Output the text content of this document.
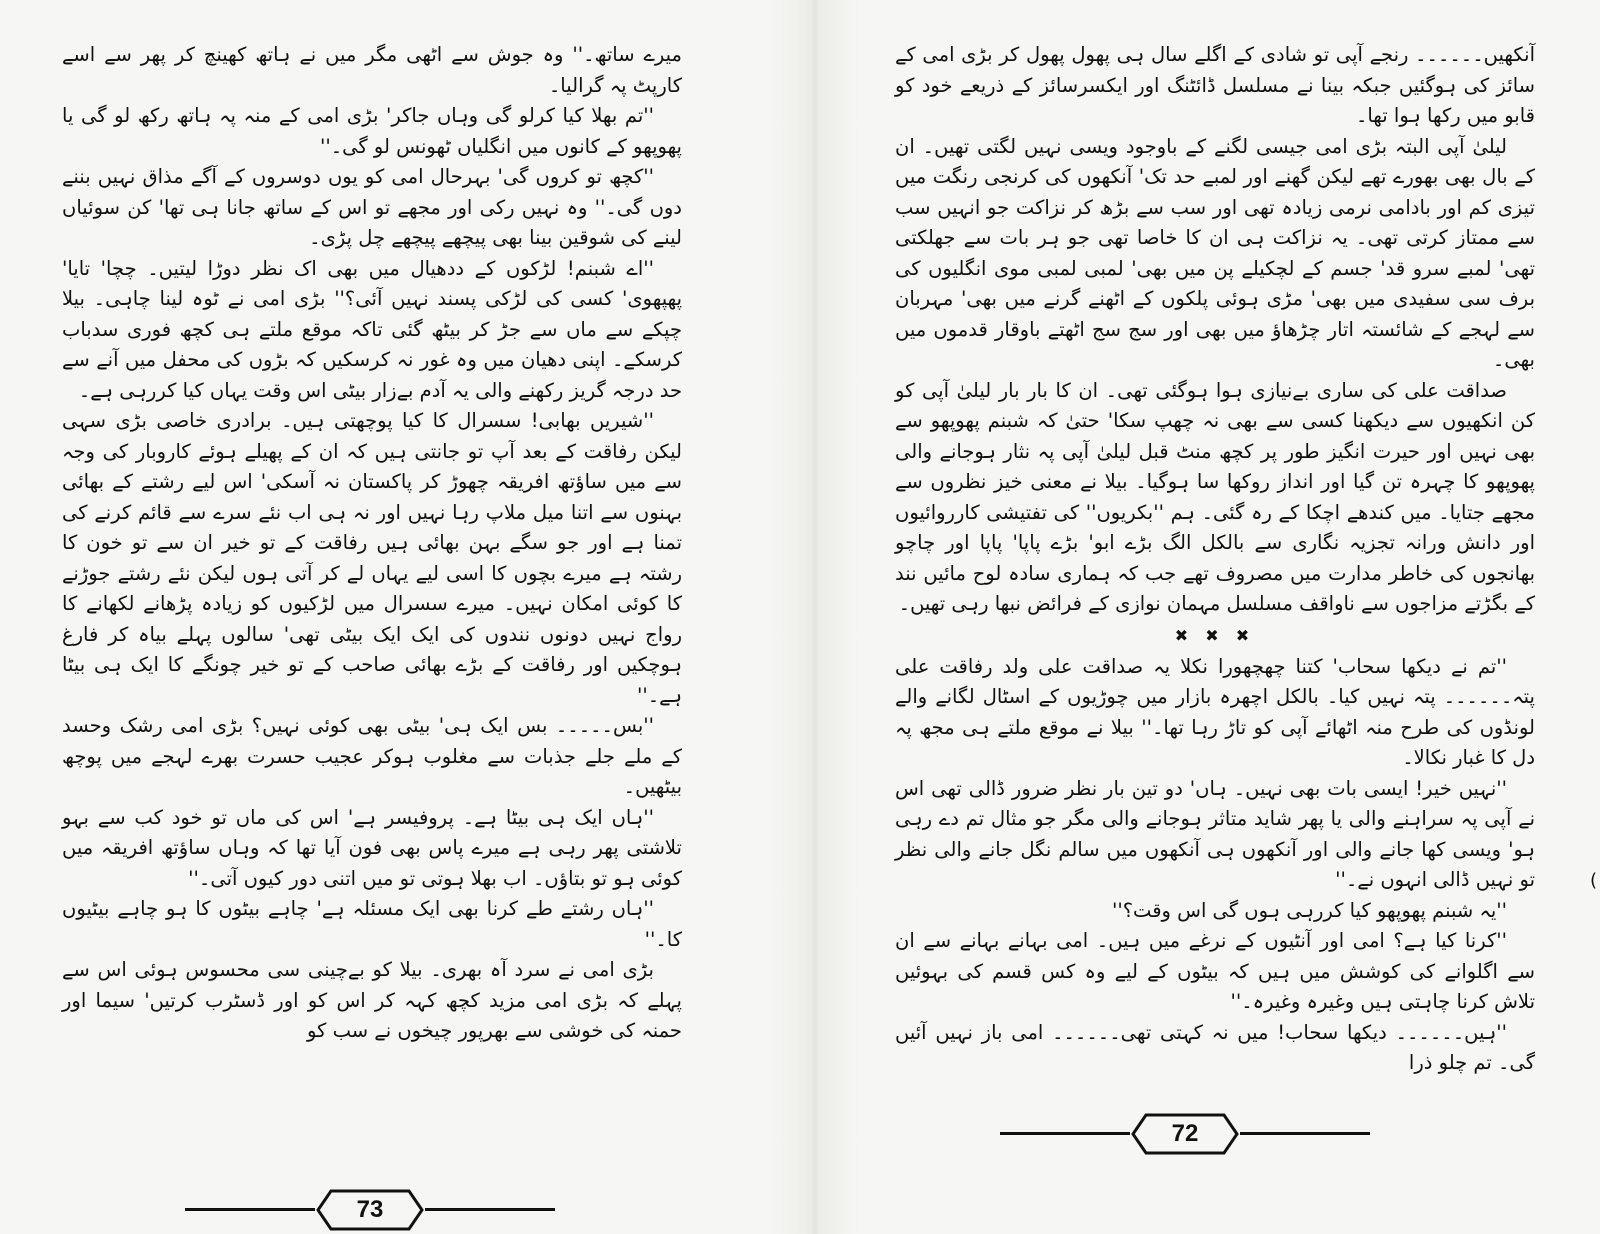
میرے ساتھ۔'' وہ جوش سے اٹھی مگر میں نے ہاتھ کھینچ کر پھر سے اسے کارپٹ پہ گرالیا۔

''تم بھلا کیا کرلو گی وہاں جاکر' بڑی امی کے منہ پہ ہاتھ رکھ لو گی یا پھوپھو کے کانوں میں انگلیاں ٹھونس لو گی۔''

''کچھ تو کروں گی' بہرحال امی کو یوں دوسروں کے آگے مذاق نہیں بننے دوں گی۔'' وہ نہیں رکی اور مجھے تو اس کے ساتھ جانا ہی تھا' کن سوئیاں لینے کی شوقین بینا بھی پیچھے پیچھے چل پڑی۔

''اے شبنم! لڑکوں کے ددھیال میں بھی اک نظر دوڑا لیتیں۔ چچا' تایا' پھپھوی' کسی کی لڑکی پسند نہیں آئی؟'' بڑی امی نے ٹوہ لینا چاہی۔ بیلا چپکے سے ماں سے جڑ کر بیٹھ گئی تاکہ موقع ملتے ہی کچھ فوری سدباب کرسکے۔ اپنی دھیان میں وہ غور نہ کرسکیں کہ بڑوں کی محفل میں آنے سے حد درجہ گریز رکھنے والی یہ آدم بےزار بیٹی اس وقت یہاں کیا کررہی ہے۔

''شیریں بھابی! سسرال کا کیا پوچھتی ہیں۔ برادری خاصی بڑی سہی لیکن رفاقت کے بعد آپ تو جانتی ہیں کہ ان کے پھیلے ہوئے کاروبار کی وجہ سے میں ساؤتھ افریقہ چھوڑ کر پاکستان نہ آسکی' اس لیے رشتے کے بھائی بہنوں سے اتنا میل ملاپ رہا نہیں اور نہ ہی اب نئے سرے سے قائم کرنے کی تمنا ہے اور جو سگے بہن بھائی ہیں رفاقت کے تو خیر ان سے تو خون کا رشتہ ہے میرے بچوں کا اسی لیے یہاں لے کر آتی ہوں لیکن نئے رشتے جوڑنے کا کوئی امکان نہیں۔ میرے سسرال میں لڑکیوں کو زیادہ پڑھانے لکھانے کا رواج نہیں دونوں نندوں کی ایک ایک بیٹی تھی' سالوں پہلے بیاہ کر فارغ ہوچکیں اور رفاقت کے بڑے بھائی صاحب کے تو خیر چونگے کا ایک ہی بیٹا ہے۔''

''بس۔۔۔۔۔ بس ایک ہی' بیٹی بھی کوئی نہیں؟ بڑی امی رشک وحسد کے ملے جلے جذبات سے مغلوب ہوکر عجیب حسرت بھرے لہجے میں پوچھ بیٹھیں۔

''ہاں ایک ہی بیٹا ہے۔ پروفیسر ہے' اس کی ماں تو خود کب سے بہو تلاشتی پھر رہی ہے میرے پاس بھی فون آیا تھا کہ وہاں ساؤتھ افریقہ میں کوئی ہو تو بتاؤں۔ اب بھلا ہوتی تو میں اتنی دور کیوں آتی۔''

''ہاں رشتے طے کرنا بھی ایک مسئلہ ہے' چاہے بیٹوں کا ہو چاہے بیٹیوں کا۔''

بڑی امی نے سرد آہ بھری۔ بیلا کو بےچینی سی محسوس ہوئی اس سے پہلے کہ بڑی امی مزید کچھ کہہ کر اس کو اور ڈسٹرب کرتیں' سیما اور حمنہ کی خوشی سے بھرپور چیخوں نے سب کو

73

آنکھیں۔۔۔۔۔۔ رنجے آپی تو شادی کے اگلے سال ہی پھول پھول کر بڑی امی کے سائز کی ہوگئیں جبکہ بینا نے مسلسل ڈائٹنگ اور ایکسرسائز کے ذریعے خود کو قابو میں رکھا ہوا تھا۔

لیلیٰ آپی البتہ بڑی امی جیسی لگنے کے باوجود ویسی نہیں لگتی تھیں۔ ان کے بال بھی بھورے تھے لیکن گھنے اور لمبے حد تک' آنکھوں کی کرنجی رنگت میں تیزی کم اور بادامی نرمی زیادہ تھی اور سب سے بڑھ کر نزاکت جو انہیں سب سے ممتاز کرتی تھی۔ یہ نزاکت ہی ان کا خاصا تھی جو ہر بات سے جھلکتی تھی' لمبے سرو قد' جسم کے لچکیلے پن میں بھی' لمبی لمبی موی انگلیوں کی برف سی سفیدی میں بھی' مڑی ہوئی پلکوں کے اٹھنے گرنے میں بھی' مہربان سے لہجے کے شائستہ اتار چڑھاؤ میں بھی اور سج سج اٹھتے باوقار قدموں میں بھی۔

صداقت علی کی ساری بےنیازی ہوا ہوگئی تھی۔ ان کا بار بار لیلیٰ آپی کو کن انکھیوں سے دیکھنا کسی سے بھی نہ چھپ سکا' حتیٰ کہ شبنم پھوپھو سے بھی نہیں اور حیرت انگیز طور پر کچھ منٹ قبل لیلیٰ آپی پہ نثار ہوجانے والی پھوپھو کا چہرہ تن گیا اور انداز روکھا سا ہوگیا۔ بیلا نے معنی خیز نظروں سے مجھے جتایا۔ میں کندھے اچکا کے رہ گئی۔ ہم ''بکریوں'' کی تفتیشی کارروائیوں اور دانش ورانہ تجزیہ نگاری سے بالکل الگ بڑے ابو' بڑے پاپا' پاپا اور چاچو بھانجوں کی خاطر مدارت میں مصروف تھے جب کہ ہماری سادہ لوح مائیں نند کے بگڑتے مزاجوں سے ناواقف مسلسل مہمان نوازی کے فرائض نبھا رہی تھیں۔

✖ ✖ ✖

''تم نے دیکھا سحاب' کتنا چھچھورا نکلا یہ صداقت علی ولد رفاقت علی پتہ۔۔۔۔۔۔ پتہ نہیں کیا۔ بالکل اچھرہ بازار میں چوڑیوں کے اسٹال لگانے والے لونڈوں کی طرح منہ اٹھائے آپی کو تاڑ رہا تھا۔'' بیلا نے موقع ملتے ہی مجھ پہ دل کا غبار نکالا۔

''نہیں خیر! ایسی بات بھی نہیں۔ ہاں' دو تین بار نظر ضرور ڈالی تھی اس نے آپی پہ سراہنے والی یا پھر شاید متاثر ہوجانے والی مگر جو مثال تم دے رہی ہو' ویسی کھا جانے والی اور آنکھوں ہی آنکھوں میں سالم نگل جانے والی نظر تو نہیں ڈالی انہوں نے۔''

''یہ شبنم پھوپھو کیا کررہی ہوں گی اس وقت؟''

''کرنا کیا ہے؟ امی اور آنٹیوں کے نرغے میں ہیں۔ امی بہانے بہانے سے ان سے اگلوانے کی کوشش میں ہیں کہ بیٹوں کے لیے وہ کس قسم کی بہوئیں تلاش کرنا چاہتی ہیں وغیرہ وغیرہ۔''

''ہیں۔۔۔۔۔۔ دیکھا سحاب! میں نہ کہتی تھی۔۔۔۔۔۔ امی باز نہیں آئیں گی۔ تم چلو ذرا

72
(
